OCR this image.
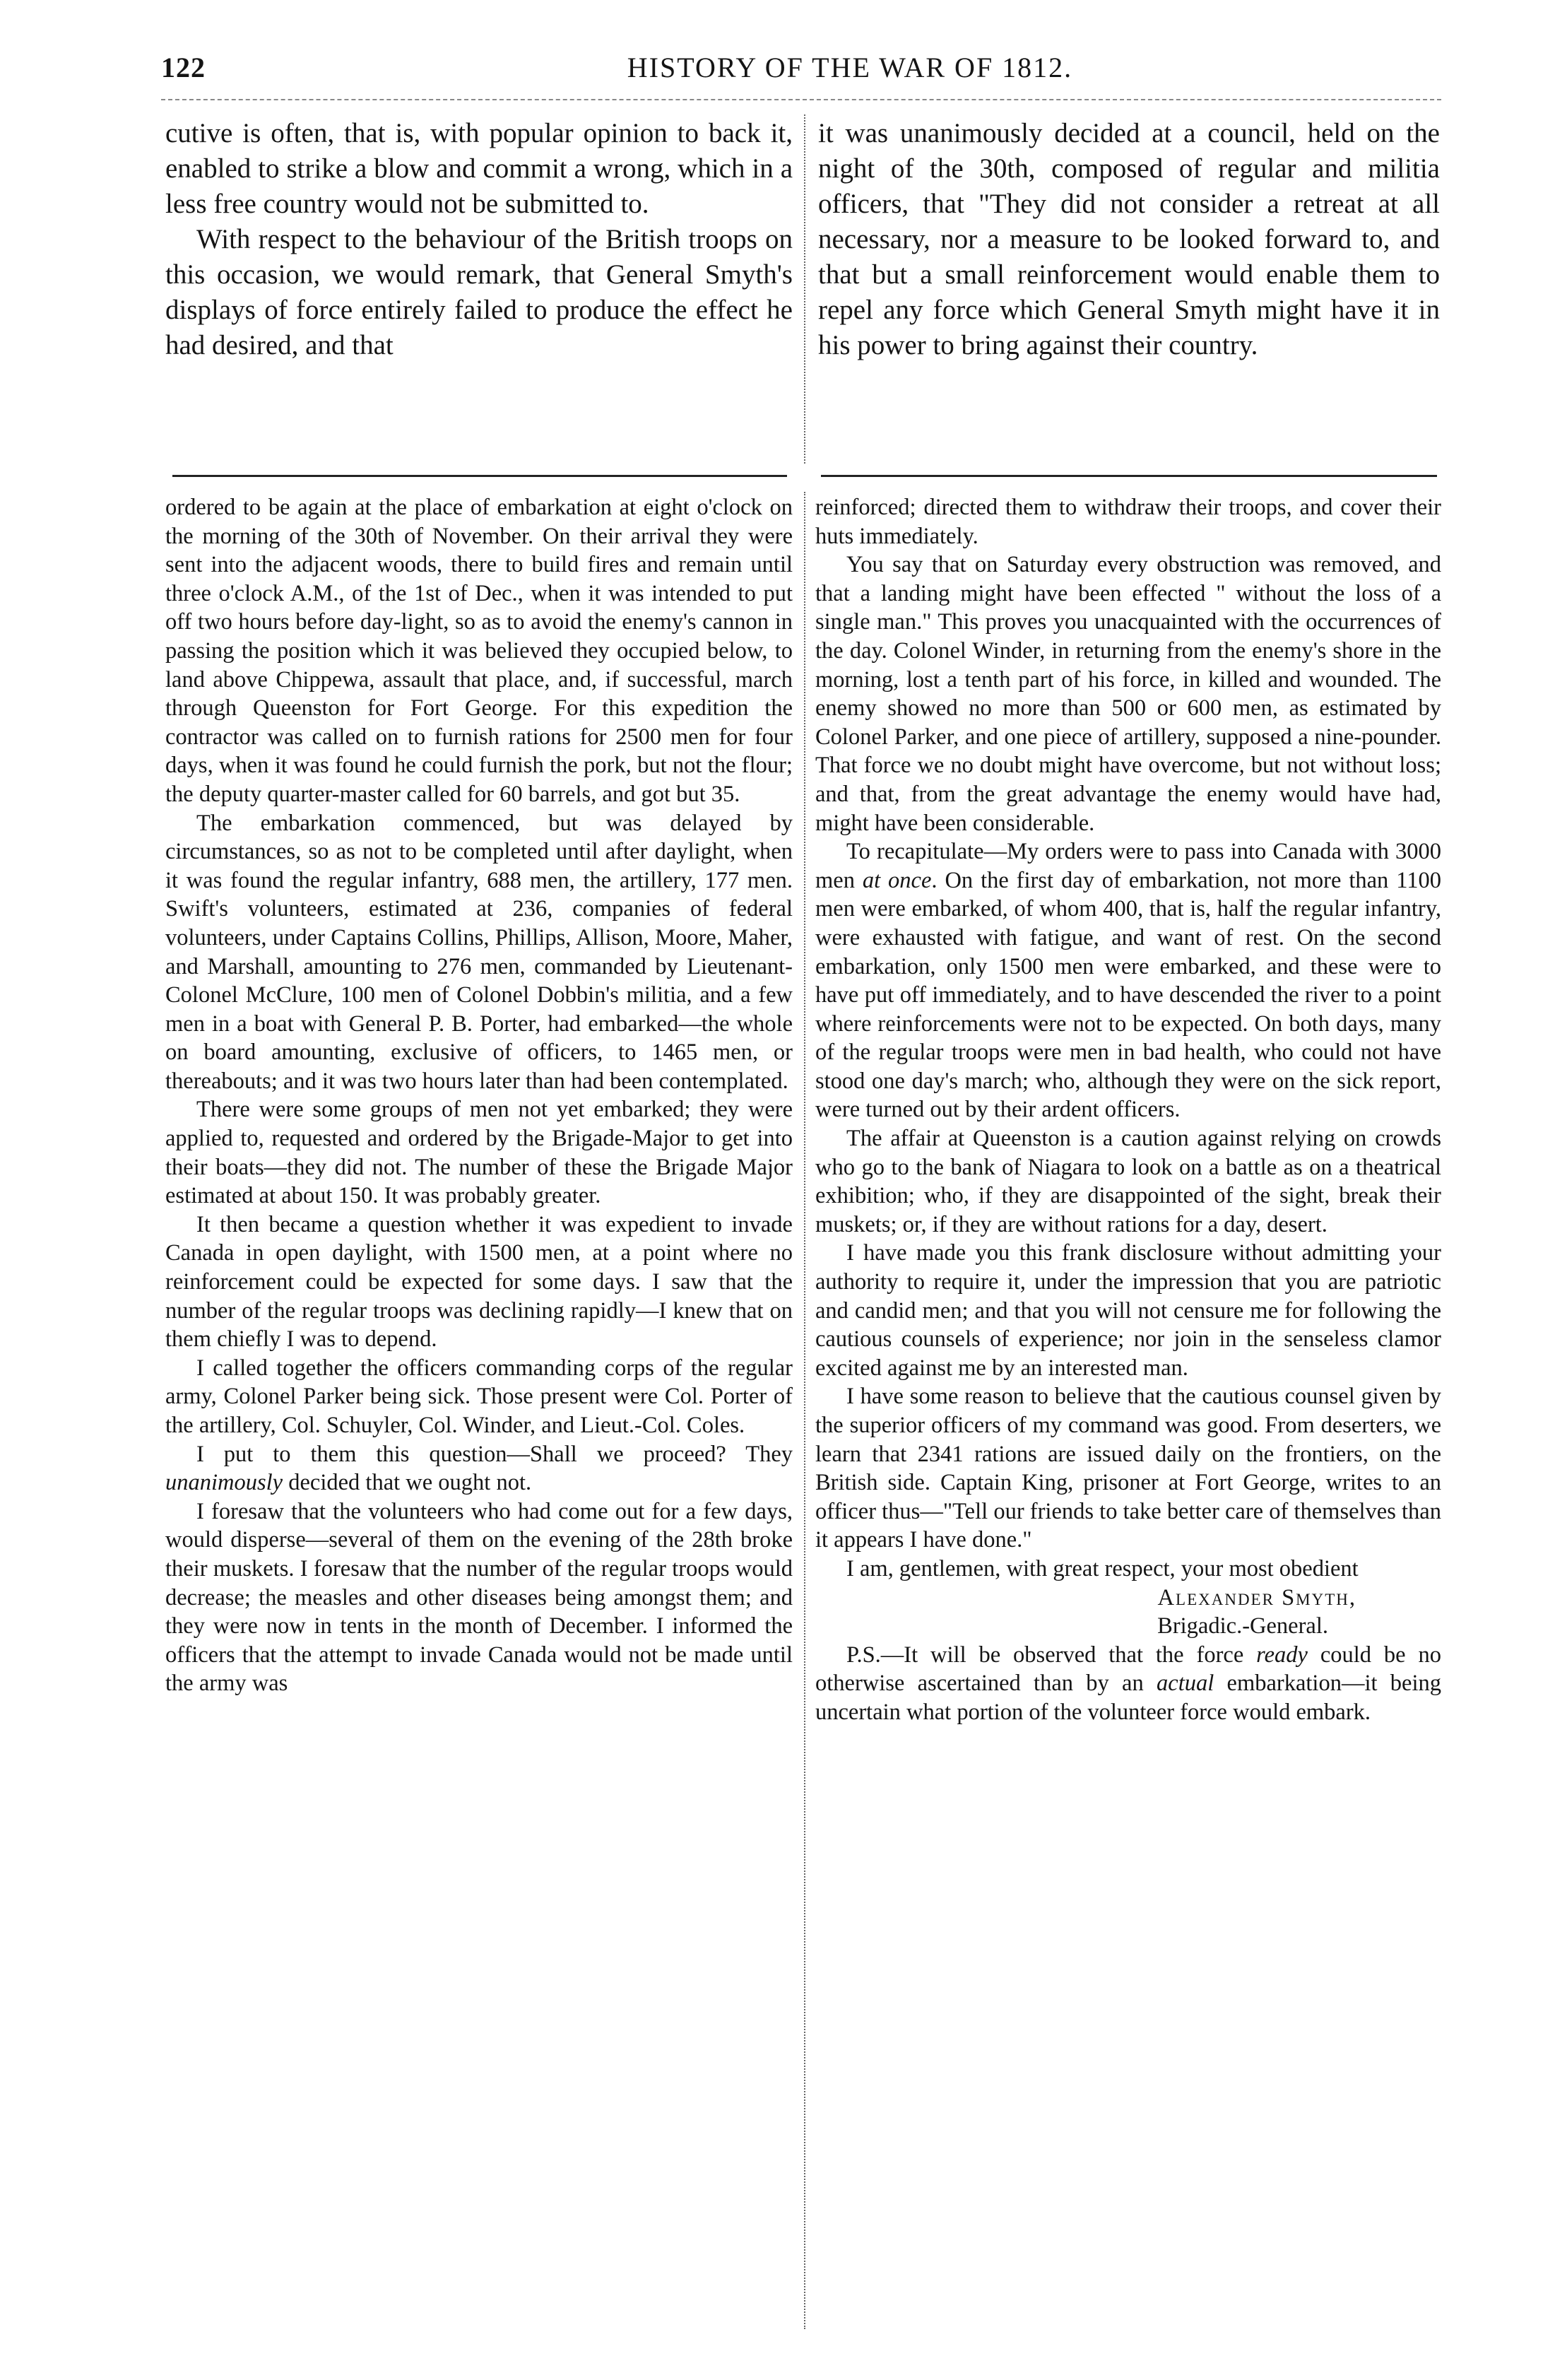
122	HISTORY OF THE WAR OF 1812.

cutive is often, that is, with popular opinion to back it, enabled to strike a blow and commit a wrong, which in a less free country would not be submitted to.

With respect to the behaviour of the British troops on this occasion, we would remark, that General Smyth's displays of force entirely failed to produce the effect he had desired, and that

it was unanimously decided at a council, held on the night of the 30th, composed of regular and militia officers, that "They did not consider a retreat at all necessary, nor a measure to be looked forward to, and that but a small reinforcement would enable them to repel any force which General Smyth might have it in his power to bring against their country.

ordered to be again at the place of embarkation at eight o'clock on the morning of the 30th of November. On their arrival they were sent into the adjacent woods, there to build fires and remain until three o'clock A.M., of the 1st of Dec., when it was intended to put off two hours before day-light, so as to avoid the enemy's cannon in passing the position which it was believed they occupied below, to land above Chippewa, assault that place, and, if successful, march through Queenston for Fort George. For this expedition the contractor was called on to furnish rations for 2500 men for four days, when it was found he could furnish the pork, but not the flour; the deputy quarter-master called for 60 barrels, and got but 35.

The embarkation commenced, but was delayed by circumstances, so as not to be completed until after daylight, when it was found the regular infantry, 688 men, the artillery, 177 men. Swift's volunteers, estimated at 236, companies of federal volunteers, under Captains Collins, Phillips, Allison, Moore, Maher, and Marshall, amounting to 276 men, commanded by Lieutenant-Colonel McClure, 100 men of Colonel Dobbin's militia, and a few men in a boat with General P. B. Porter, had embarked—the whole on board amounting, exclusive of officers, to 1465 men, or thereabouts; and it was two hours later than had been contemplated.

There were some groups of men not yet embarked; they were applied to, requested and ordered by the Brigade-Major to get into their boats—they did not. The number of these the Brigade Major estimated at about 150. It was probably greater.

It then became a question whether it was expedient to invade Canada in open daylight, with 1500 men, at a point where no reinforcement could be expected for some days. I saw that the number of the regular troops was declining rapidly—I knew that on them chiefly I was to depend.

I called together the officers commanding corps of the regular army, Colonel Parker being sick. Those present were Col. Porter of the artillery, Col. Schuyler, Col. Winder, and Lieut.-Col. Coles.

I put to them this question—Shall we proceed? They unanimously decided that we ought not.

I foresaw that the volunteers who had come out for a few days, would disperse—several of them on the evening of the 28th broke their muskets. I foresaw that the number of the regular troops would decrease; the measles and other diseases being amongst them; and they were now in tents in the month of December. I informed the officers that the attempt to invade Canada would not be made until the army was

reinforced; directed them to withdraw their troops, and cover their huts immediately.

You say that on Saturday every obstruction was removed, and that a landing might have been effected " without the loss of a single man." This proves you unacquainted with the occurrences of the day. Colonel Winder, in returning from the enemy's shore in the morning, lost a tenth part of his force, in killed and wounded. The enemy showed no more than 500 or 600 men, as estimated by Colonel Parker, and one piece of artillery, supposed a nine-pounder. That force we no doubt might have overcome, but not without loss; and that, from the great advantage the enemy would have had, might have been considerable.

To recapitulate—My orders were to pass into Canada with 3000 men at once. On the first day of embarkation, not more than 1100 men were embarked, of whom 400, that is, half the regular infantry, were exhausted with fatigue, and want of rest. On the second embarkation, only 1500 men were embarked, and these were to have put off immediately, and to have descended the river to a point where reinforcements were not to be expected. On both days, many of the regular troops were men in bad health, who could not have stood one day's march; who, although they were on the sick report, were turned out by their ardent officers.

The affair at Queenston is a caution against relying on crowds who go to the bank of Niagara to look on a battle as on a theatrical exhibition; who, if they are disappointed of the sight, break their muskets; or, if they are without rations for a day, desert.

I have made you this frank disclosure without admitting your authority to require it, under the impression that you are patriotic and candid men; and that you will not censure me for following the cautious counsels of experience; nor join in the senseless clamor excited against me by an interested man.

I have some reason to believe that the cautious counsel given by the superior officers of my command was good. From deserters, we learn that 2341 rations are issued daily on the frontiers, on the British side. Captain King, prisoner at Fort George, writes to an officer thus—"Tell our friends to take better care of themselves than it appears I have done."

I am, gentlemen, with great respect, your most obedient

Alexander Smyth,
Brigadic.-General.

P.S.—It will be observed that the force ready could be no otherwise ascertained than by an actual embarkation—it being uncertain what portion of the volunteer force would embark.
